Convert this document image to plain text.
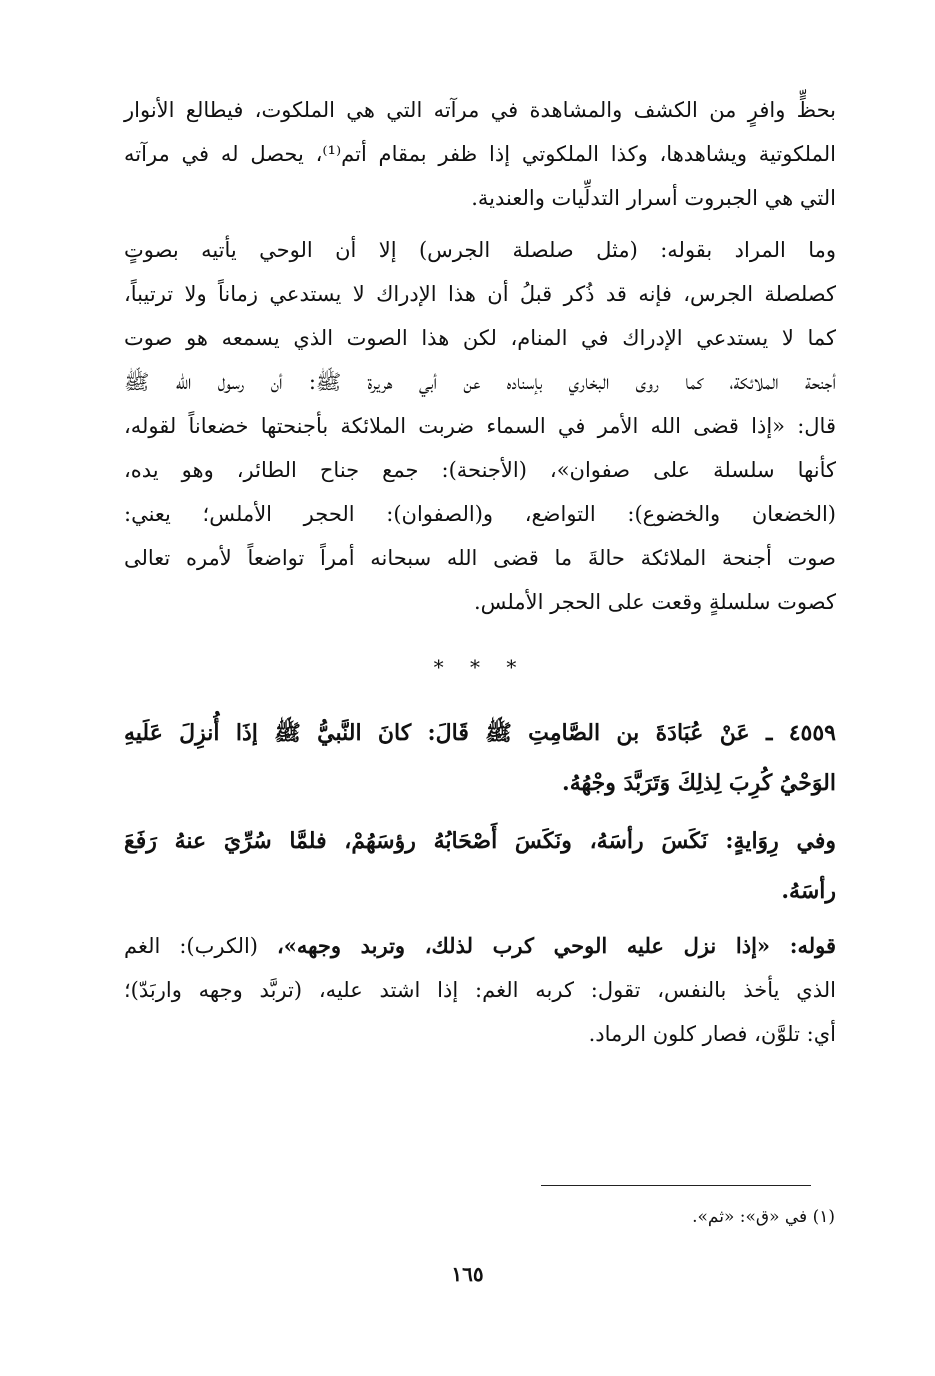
بحظٍّ وافرٍ من الكشف والمشاهدة في مرآته التي هي الملكوت، فيطالع الأنوار
الملكوتية ويشاهدها، وكذا الملكوتي إذا ظفر بمقام أتم⁽¹⁾، يحصل له في مرآته
التي هي الجبروت أسرار التدلِّيات والعندية.

وما المراد بقوله: (مثل صلصلة الجرس) إلا أن الوحي يأتيه بصوتٍ
كصلصلة الجرس، فإنه قد ذُكر قبلُ أن هذا الإدراك لا يستدعي زماناً ولا ترتيباً،
كما لا يستدعي الإدراك في المنام، لكن هذا الصوت الذي يسمعه هو صوت
أجنحة الملائكة، كما روى البخاري بإسناده عن أبي هريرة ﷺ: أن رسول الله ﷺ
قال: «إذا قضى الله الأمر في السماء ضربت الملائكة بأجنحتها خضعاناً لقوله،
كأنها سلسلة على صفوان»، (الأجنحة): جمع جناح الطائر، وهو يده،
(الخضعان والخضوع): التواضع، و(الصفوان): الحجر الأملس؛ يعني:
صوت أجنحة الملائكة حالةَ ما قضى الله سبحانه أمراً تواضعاً لأمره تعالى
كصوت سلسلةٍ وقعت على الحجر الأملس.

* * *

٤٥٥٩ ـ عَنْ عُبَادَةَ بن الصَّامِتِ ﷺ قَالَ: كانَ النَّبيُّ ﷺ إذَا أُنزِلَ عَلَيهِ
الوَحْيُ كُرِبَ لِذلِكَ وَتَرَبَّدَ وجْهُهُ.

وفي رِوَايةٍ: نَكَسَ رأسَهُ، ونَكَسَ أَصْحَابُهُ رؤسَهُمْ، فلمَّا سُرِّيَ عنهُ رَفَعَ
رأسَهُ.

قوله: «إذا نزل عليه الوحي كرب لذلك، وتربد وجهه»، (الكرب): الغم
الذي يأخذ بالنفس، تقول: كربه الغم: إذا اشتد عليه، (تربَّد وجهه واربَدّ)؛
أي: تلوَّن، فصار كلون الرماد.

(١) في «ق»: «ثم».
١٦٥
